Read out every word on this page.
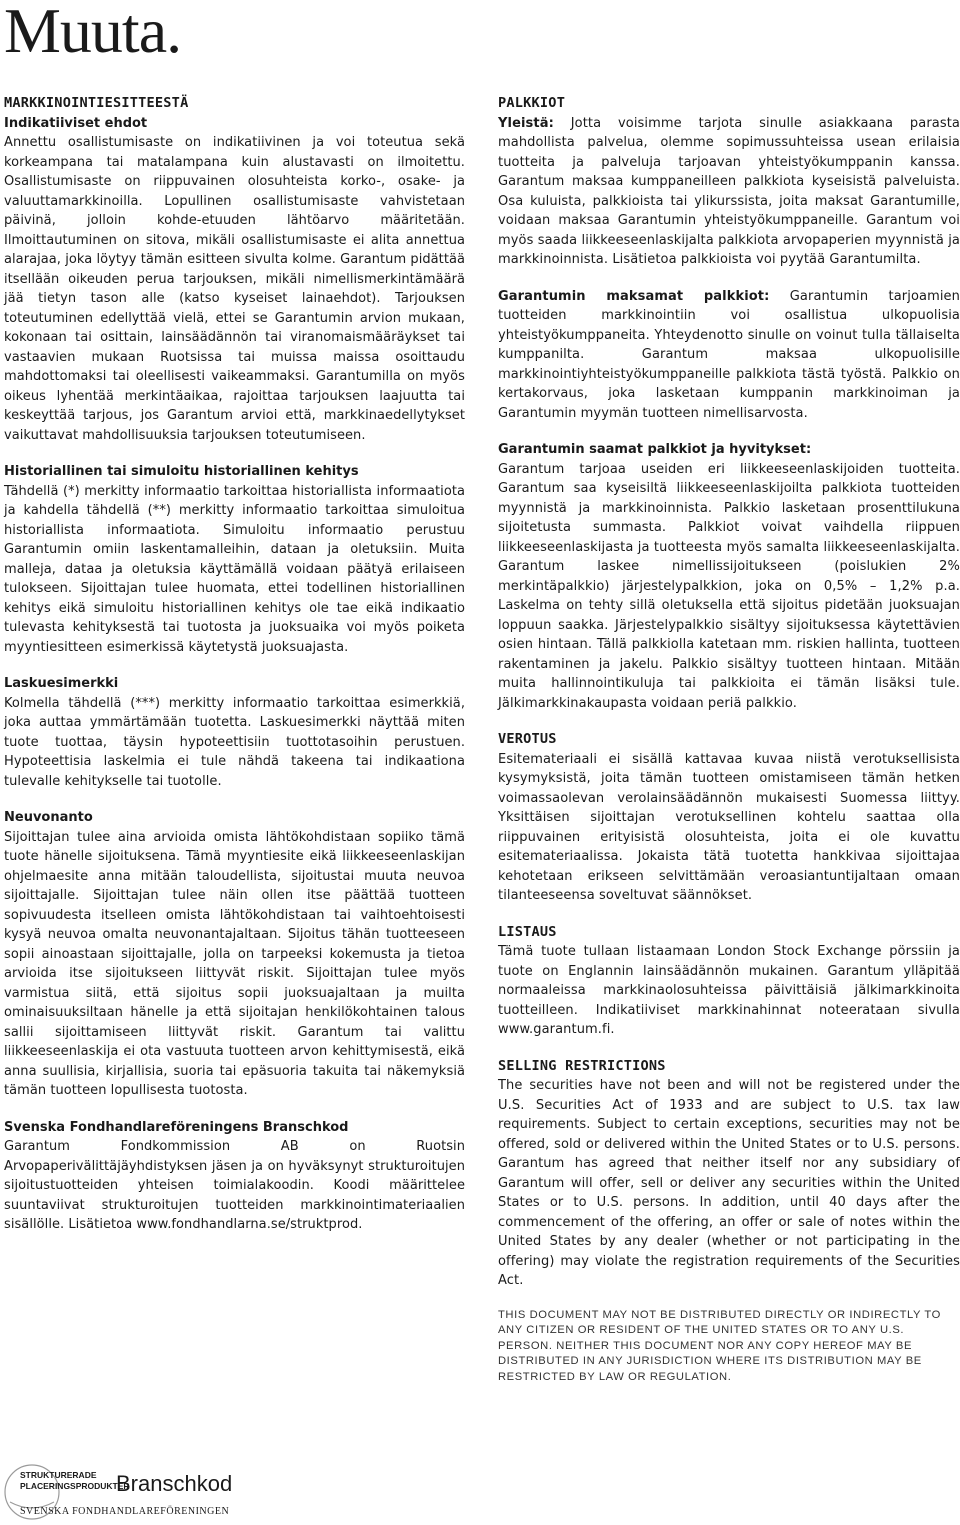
Muuta.

MARKKINOINTIESITTEESTÄ

Indikatiiviset ehdot

Annettu osallistumisaste on indikatiivinen ja voi toteutua sekä korkeampana tai matalampana kuin alustavasti on ilmoitettu. Osallistumisaste on riippuvainen olosuhteista korko-, osake- ja valuuttamarkkinoilla. Lopullinen osallistumisaste vahvistetaan päivinä, jolloin kohde-etuuden lähtöarvo määritetään. Ilmoittautuminen on sitova, mikäli osallistumisaste ei alita annettua alarajaa, joka löytyy tämän esitteen sivulta kolme. Garantum pidättää itsellään oikeuden perua tarjouksen, mikäli nimellismerkintämäärä jää tietyn tason alle (katso kyseiset lainaehdot). Tarjouksen toteutuminen edellyttää vielä, ettei se Garantumin arvion mukaan, kokonaan tai osittain, lainsäädännön tai viranomaismääräykset tai vastaavien mukaan Ruotsissa tai muissa maissa osoittaudu mahdottomaksi tai oleellisesti vaikeammaksi. Garantumilla on myös oikeus lyhentää merkintäaikaa, rajoittaa tarjouksen laajuutta tai keskeyttää tarjous, jos Garantum arvioi että, markkinaedellytykset vaikuttavat mahdollisuuksia tarjouksen toteutumiseen.

Historiallinen tai simuloitu historiallinen kehitys

Tähdellä (*) merkitty informaatio tarkoittaa historiallista informaatiota ja kahdella tähdellä (**) merkitty informaatio tarkoittaa simuloitua historiallista informaatiota. Simuloitu informaatio perustuu Garantumin omiin laskentamalleihin, dataan ja oletuksiin. Muita malleja, dataa ja oletuksia käyttämällä voidaan päätyä erilaiseen tulokseen. Sijoittajan tulee huomata, ettei todellinen historiallinen kehitys eikä simuloitu historiallinen kehitys ole tae eikä indikaatio tulevasta kehityksestä tai tuotosta ja juoksuaika voi myös poiketa myyntiesitteen esimerkissä käytetystä juoksuajasta.

Laskuesimerkki

Kolmella tähdellä (***) merkitty informaatio tarkoittaa esimerkkiä, joka auttaa ymmärtämään tuotetta. Laskuesimerkki näyttää miten tuote tuottaa, täysin hypoteettisiin tuottotasoihin perustuen. Hypoteettisia laskelmia ei tule nähdä takeena tai indikaationa tulevalle kehitykselle tai tuotolle.

Neuvonanto

Sijoittajan tulee aina arvioida omista lähtökohdistaan sopiiko tämä tuote hänelle sijoituksena. Tämä myyntiesite eikä liikkeeseenlaskijan ohjelmaesite anna mitään taloudellista, sijoitustai muuta neuvoa sijoittajalle. Sijoittajan tulee näin ollen itse päättää tuotteen sopivuudesta itselleen omista lähtökohdistaan tai vaihtoehtoisesti kysyä neuvoa omalta neuvonantajaltaan. Sijoitus tähän tuotteeseen sopii ainoastaan sijoittajalle, jolla on tarpeeksi kokemusta ja tietoa arvioida itse sijoitukseen liittyvät riskit. Sijoittajan tulee myös varmistua siitä, että sijoitus sopii juoksuajaltaan ja muilta ominaisuuksiltaan hänelle ja että sijoitajan henkilökohtainen talous sallii sijoittamiseen liittyvät riskit. Garantum tai valittu liikkeeseenlaskija ei ota vastuuta tuotteen arvon kehittymisestä, eikä anna suullisia, kirjallisia, suoria tai epäsuoria takuita tai näkemyksiä tämän tuotteen lopullisesta tuotosta.

Svenska Fondhandlareföreningens Branschkod

Garantum Fondkommission AB on Ruotsin Arvopaperivälittäjäyhdistyksen jäsen ja on hyväksynyt strukturoitujen sijoitustuotteiden yhteisen toimialakoodin. Koodi määrittelee suuntaviivat strukturoitujen tuotteiden markkinointimateriaalien sisällölle. Lisätietoa www.fondhandlarna.se/struktprod.

PALKKIOT

Yleistä: Jotta voisimme tarjota sinulle asiakkaana parasta mahdollista palvelua, olemme sopimussuhteissa usean erilaisia tuotteita ja palveluja tarjoavan yhteistyökumppanin kanssa. Garantum maksaa kumppaneilleen palkkiota kyseisistä palveluista. Osa kuluista, palkkioista tai ylikurssista, joita maksat Garantumille, voidaan maksaa Garantumin yhteistyökumppaneille. Garantum voi myös saada liikkeeseenlaskijalta palkkiota arvopaperien myynnistä ja markkinoinnista. Lisätietoa palkkioista voi pyytää Garantumilta.

Garantumin maksamat palkkiot: Garantumin tarjoamien tuotteiden markkinointiin voi osallistua ulkopuolisia yhteistyökumppaneita. Yhteydenotto sinulle on voinut tulla tällaiselta kumppanilta. Garantum maksaa ulkopuolisille markkinointiyhteistyökumppaneille palkkiota tästä työstä. Palkkio on kertakorvaus, joka lasketaan kumppanin markkinoiman ja Garantumin myymän tuotteen nimellisarvosta.

Garantumin saamat palkkiot ja hyvitykset:

Garantum tarjoaa useiden eri liikkeeseenlaskijoiden tuotteita. Garantum saa kyseisiltä liikkeeseenlaskijoilta palkkiota tuotteiden myynnistä ja markkinoinnista. Palkkio lasketaan prosenttilukuna sijoitetusta summasta. Palkkiot voivat vaihdella riippuen liikkeeseenlaskijasta ja tuotteesta myös samalta liikkeeseenlaskijalta. Garantum laskee nimellissijoitukseen (poislukien 2% merkintäpalkkio) järjestelypalkkion, joka on 0,5% – 1,2% p.a. Laskelma on tehty sillä oletuksella että sijoitus pidetään juoksuajan loppuun saakka. Järjestelypalkkio sisältyy sijoituksessa käytettävien osien hintaan. Tällä palkkiolla katetaan mm. riskien hallinta, tuotteen rakentaminen ja jakelu. Palkkio sisältyy tuotteen hintaan. Mitään muita hallinnointikuluja tai palkkioita ei tämän lisäksi tule. Jälkimarkkinakaupasta voidaan periä palkkio.

VEROTUS

Esitemateriaali ei sisällä kattavaa kuvaa niistä verotuksellisista kysymyksistä, joita tämän tuotteen omistamiseen tämän hetken voimassaolevan verolainsäädännön mukaisesti Suomessa liittyy. Yksittäisen sijoittajan verotuksellinen kohtelu saattaa olla riippuvainen erityisistä olosuhteista, joita ei ole kuvattu esitemateriaalissa. Jokaista tätä tuotetta hankkivaa sijoittajaa kehotetaan erikseen selvittämään veroasiantuntijaltaan omaan tilanteeseensa soveltuvat säännökset.

LISTAUS

Tämä tuote tullaan listaamaan London Stock Exchange pörssiin ja tuote on Englannin lainsäädännön mukainen. Garantum ylläpitää normaaleissa markkinaolosuhteissa päivittäisiä jälkimarkkinoita tuotteilleen. Indikatiiviset markkinahinnat noteerataan sivulla www.garantum.fi.

SELLING RESTRICTIONS

The securities have not been and will not be registered under the U.S. Securities Act of 1933 and are subject to U.S. tax law requirements. Subject to certain exceptions, securities may not be offered, sold or delivered within the United States or to U.S. persons. Garantum has agreed that neither itself nor any subsidiary of Garantum will offer, sell or deliver any securities within the United States or to U.S. persons. In addition, until 40 days after the commencement of the offering, an offer or sale of notes within the United States by any dealer (whether or not participating in the offering) may violate the registration requirements of the Securities Act.

THIS DOCUMENT MAY NOT BE DISTRIBUTED DIRECTLY OR INDIRECTLY TO ANY CITIZEN OR RESIDENT OF THE UNITED STATES OR TO ANY U.S. PERSON. NEITHER THIS DOCUMENT NOR ANY COPY HEREOF MAY BE DISTRIBUTED IN ANY JURISDICTION WHERE ITS DISTRIBUTION MAY BE RESTRICTED BY LAW OR REGULATION.

STRUKTURERADE
PLACERINGSPRODUKTER
Branschkod
SVENSKA FONDHANDLAREFÖRENINGEN
